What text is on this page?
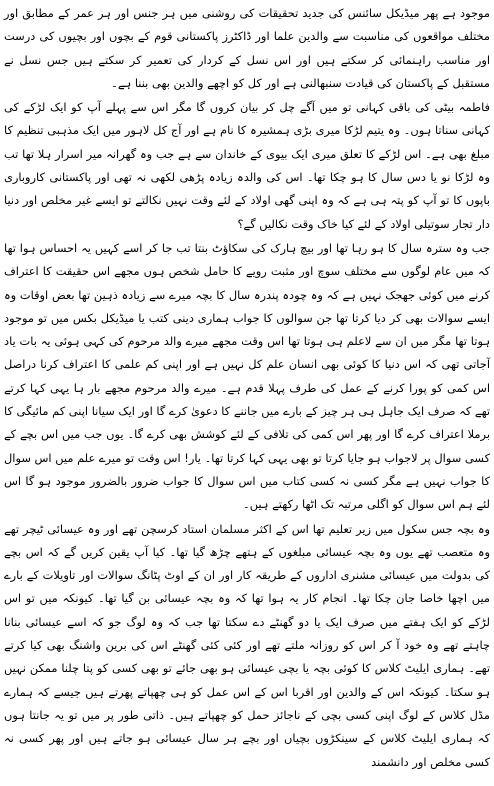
موجود ہے پھر میڈیکل سائنس کی جدید تحقیقات کی روشنی میں ہر جنس اور ہر عمر کے مطابق اور مختلف مواقعوں کی مناسبت سے والدین علما اور ڈاکٹرز پاکستانی قوم کے بچوں اور بچیوں کی درست اور مناسب راہنمائی کر سکتے ہیں اور اس نسل کے کردار کی تعمیر کر سکتے ہیں جس نسل نے مستقبل کے پاکستان کی قیادت سنبھالنی ہے اور کل کو اچھے والدین بھی بننا ہے۔

فاطمہ بیٹی کی باقی کہانی تو میں آگے چل کر بیان کروں گا مگر اس سے پہلے آپ کو ایک لڑکے کی کہانی سناتا ہوں۔ وہ یتیم لڑکا میری بڑی ہمشیرہ کا نام ہے اور آج کل لاہور میں ایک مذہبی تنظیم کا مبلغ بھی ہے۔ اس لڑکے کا تعلق میری ایک بیوی کے خاندان سے ہے جب وہ گھرانہ میر اسرار ہلا تھا تب وہ لڑکا نو یا دس سال کا ہو چکا تھا۔ اس کی والدہ زیادہ پڑھی لکھی نہ تھی اور پاکستانی کاروباری باپوں کا تو آپ کو پتہ ہی ہے کہ وہ اپنی گھی اولاد کے لئے وقت نہیں نکالتے تو ایسے غیر مخلص اور دنیا دار تجار سوتیلی اولاد کے لئے کیا خاک وقت نکالیں گے؟

جب وہ سترہ سال کا ہو رہا تھا اور بیچ ہارک کی سکاؤٹ بنتا تب جا کر اسے کہیں یہ احساس ہوا تھا کہ میں عام لوگوں سے مختلف سوچ اور مثبت رویے کا حامل شخص ہوں مجھے اس حقیقت کا اعتراف کرنے میں کوئی جھجک نہیں ہے کہ وہ چودہ پندرہ سال کا بچہ میرے سے زیادہ ذہین تھا بعض اوقات وہ ایسے سوالات بھی کر دیا کرتا تھا جن سوالوں کا جواب ہماری دینی کتب یا میڈیکل بکس میں تو موجود ہوتا تھا مگر میں ان سے لاعلم ہی ہوتا تھا اس وقت مجھے میرے والد مرحوم کی کہی ہوئی یہ بات یاد آجاتی تھی کہ اس دنیا کا کوئی بھی انسان علم کل نہیں ہے اور اپنی کم علمی کا اعتراف کرنا دراصل اس کمی کو پورا کرنے کے عمل کی طرف پہلا قدم ہے۔ میرے والد مرحوم مجھے بار ہا یہی کہا کرتے تھے کہ صرف ایک جاہل ہی ہر چیز کے بارے میں جاننے کا دعویٰ کرے گا اور ایک سیانا اپنی کم مائیگی کا برملا اعتراف کرے گا اور پھر اس کمی کی تلافی کے لئے کوشش بھی کرے گا۔ یوں جب میں اس بچے کے کسی سوال پر لاجواب ہو جایا کرتا تو بھی یہی کہا کرتا تھا۔ یار! اس وقت تو میرے علم میں اس سوال کا جواب نہیں ہے مگر کسی نہ کسی کتاب میں اس سوال کا جواب ضرور بالضرور موجود ہو گا اس لئے ہم اس سوال کو اگلی مرتبہ تک اٹھا رکھتے ہیں۔

وہ بچہ جس سکول میں زیر تعلیم تھا اس کے اکثر مسلمان استاد کرسچن تھے اور وہ عیسائی ٹیچر تھے وہ متعصب تھے یوں وہ بچہ عیسائی مبلغوں کے ہتھے چڑھ گیا تھا۔ کیا آپ یقین کریں گے کہ اس بچے کی بدولت میں عیسائی مشنری اداروں کے طریقہ کار اور ان کے اوٹ پٹانگ سوالات اور تاویلات کے بارے میں اچھا خاصا جان چکا تھا۔ انجام کار یہ ہوا تھا کہ وہ بچہ عیسائی بن گیا تھا۔ کیونکہ میں تو اس لڑکے کو ایک ہفتے میں صرف ایک یا دو گھنٹے دے سکتا تھا جب کہ وہ لوگ جو کہ اسے عیسائی بنانا چاہتے تھے وہ خود آ کر اس کو روزانہ ملتے تھے اور کئی کئی گھنٹے اس کی برین واشنگ بھی کیا کرتے تھے۔ ہماری ایلیٹ کلاس کا کوئی بچہ یا بچی عیسائی ہو بھی جائے تو بھی کسی کو پتا چلنا ممکن نہیں ہو سکتا۔ کیونکہ اس کے والدین اور اقربا اس کے اس عمل کو ہی چھپاتے پھرتے ہیں جیسے کہ ہمارے مڈل کلاس کے لوگ اپنی کسی بچی کے ناجائز حمل کو چھپاتے ہیں۔ ذاتی طور پر میں تو یہ جانتا ہوں کہ ہماری ایلیٹ کلاس کے سینکڑوں بچیاں اور بچے ہر سال عیسائی ہو جاتے ہیں اور پھر کسی نہ کسی مخلص اور دانشمند
